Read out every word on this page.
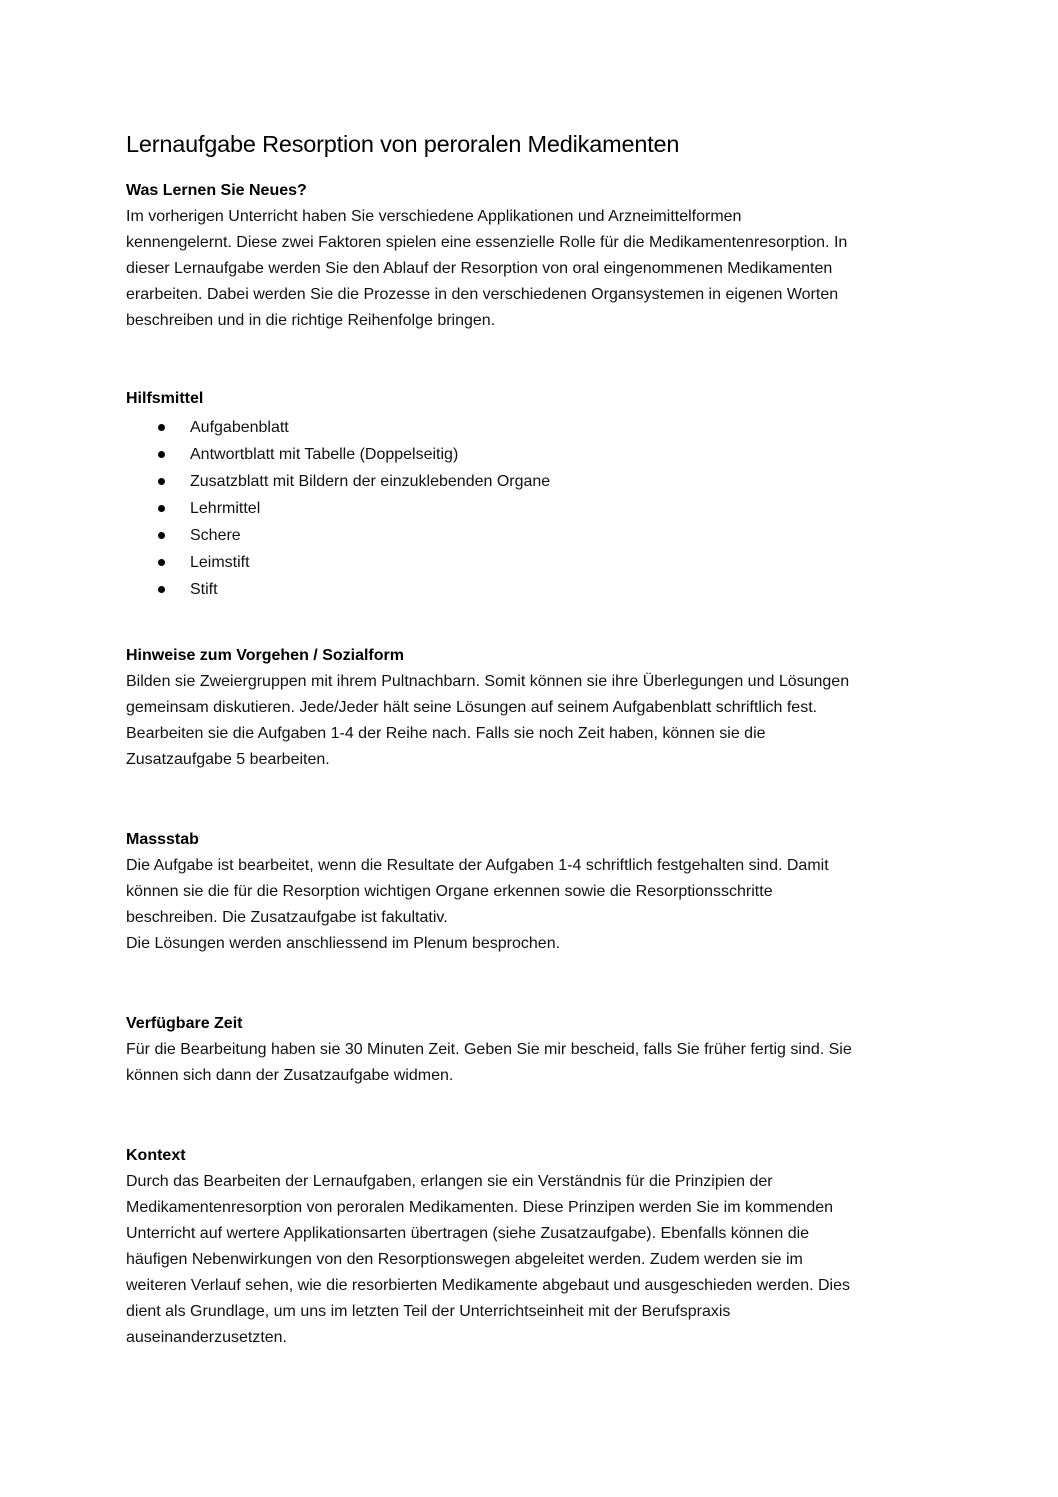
Lernaufgabe Resorption von peroralen Medikamenten
Was Lernen Sie Neues?

Im vorherigen Unterricht haben Sie verschiedene Applikationen und Arzneimittelformen
kennengelernt. Diese zwei Faktoren spielen eine essenzielle Rolle für die Medikamentenresorption. In
dieser Lernaufgabe werden Sie den Ablauf der Resorption von oral eingenommenen Medikamenten
erarbeiten. Dabei werden Sie die Prozesse in den verschiedenen Organsystemen in eigenen Worten
beschreiben und in die richtige Reihenfolge bringen.

Hilfsmittel
Aufgabenblatt
Antwortblatt mit Tabelle (Doppelseitig)
Zusatzblatt mit Bildern der einzuklebenden Organe
Lehrmittel
Schere
Leimstift
Stift
Hinweise zum Vorgehen / Sozialform

Bilden sie Zweiergruppen mit ihrem Pultnachbarn. Somit können sie ihre Überlegungen und Lösungen
gemeinsam diskutieren. Jede/Jeder hält seine Lösungen auf seinem Aufgabenblatt schriftlich fest.
Bearbeiten sie die Aufgaben 1-4 der Reihe nach. Falls sie noch Zeit haben, können sie die
Zusatzaufgabe 5 bearbeiten.

Massstab

Die Aufgabe ist bearbeitet, wenn die Resultate der Aufgaben 1-4 schriftlich festgehalten sind. Damit
können sie die für die Resorption wichtigen Organe erkennen sowie die Resorptionsschritte
beschreiben. Die Zusatzaufgabe ist fakultativ.
Die Lösungen werden anschliessend im Plenum besprochen.

Verfügbare Zeit

Für die Bearbeitung haben sie 30 Minuten Zeit. Geben Sie mir bescheid, falls Sie früher fertig sind. Sie
können sich dann der Zusatzaufgabe widmen.

Kontext

Durch das Bearbeiten der Lernaufgaben, erlangen sie ein Verständnis für die Prinzipien der
Medikamentenresorption von peroralen Medikamenten. Diese Prinzipen werden Sie im kommenden
Unterricht auf wertere Applikationsarten übertragen (siehe Zusatzaufgabe). Ebenfalls können die
häufigen Nebenwirkungen von den Resorptionswegen abgeleitet werden. Zudem werden sie im
weiteren Verlauf sehen, wie die resorbierten Medikamente abgebaut und ausgeschieden werden. Dies
dient als Grundlage, um uns im letzten Teil der Unterrichtseinheit mit der Berufspraxis
auseinanderzusetzten.
